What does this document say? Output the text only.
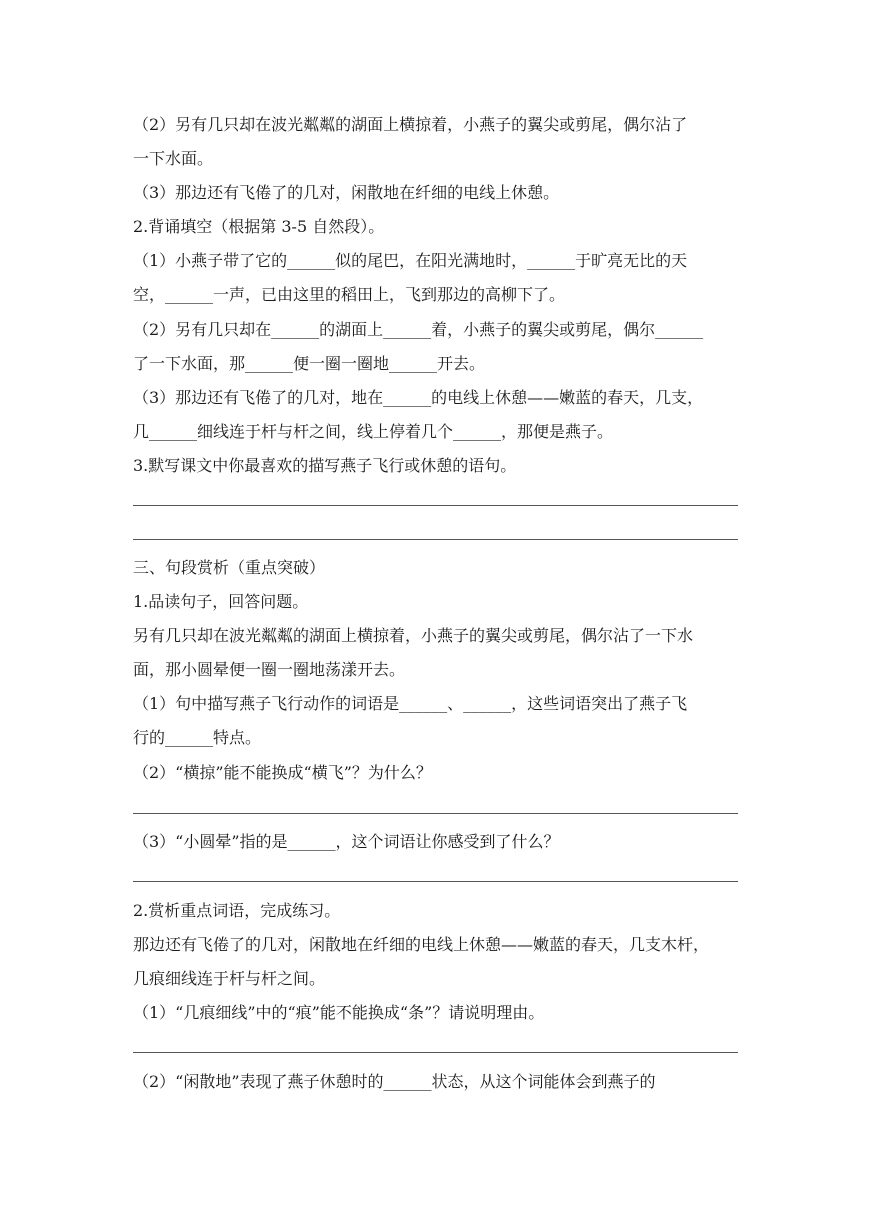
（2）另有几只却在波光粼粼的湖面上横掠着，小燕子的翼尖或剪尾，偶尔沾了
一下水面。
（3）那边还有飞倦了的几对，闲散地在纤细的电线上休憩。
2.背诵填空（根据第 3-5 自然段）。
（1）小燕子带了它的______似的尾巴，在阳光满地时，______于旷亮无比的天
空，______一声，已由这里的稻田上，飞到那边的高柳下了。
（2）另有几只却在______的湖面上______着，小燕子的翼尖或剪尾，偶尔______
了一下水面，那______便一圈一圈地______开去。
（3）那边还有飞倦了的几对，地在______的电线上休憩——嫩蓝的春天，几支，
几______细线连于杆与杆之间，线上停着几个______，那便是燕子。
3.默写课文中你最喜欢的描写燕子飞行或休憩的语句。
三、句段赏析（重点突破）
1.品读句子，回答问题。
另有几只却在波光粼粼的湖面上横掠着，小燕子的翼尖或剪尾，偶尔沾了一下水
面，那小圆晕便一圈一圈地荡漾开去。
（1）句中描写燕子飞行动作的词语是______、______，这些词语突出了燕子飞
行的______特点。
（2）“横掠”能不能换成“横飞”？为什么？
（3）“小圆晕”指的是______，这个词语让你感受到了什么？
2.赏析重点词语，完成练习。
那边还有飞倦了的几对，闲散地在纤细的电线上休憩——嫩蓝的春天，几支木杆，
几痕细线连于杆与杆之间。
（1）“几痕细线”中的“痕”能不能换成“条”？请说明理由。
（2）“闲散地”表现了燕子休憩时的______状态，从这个词能体会到燕子的
